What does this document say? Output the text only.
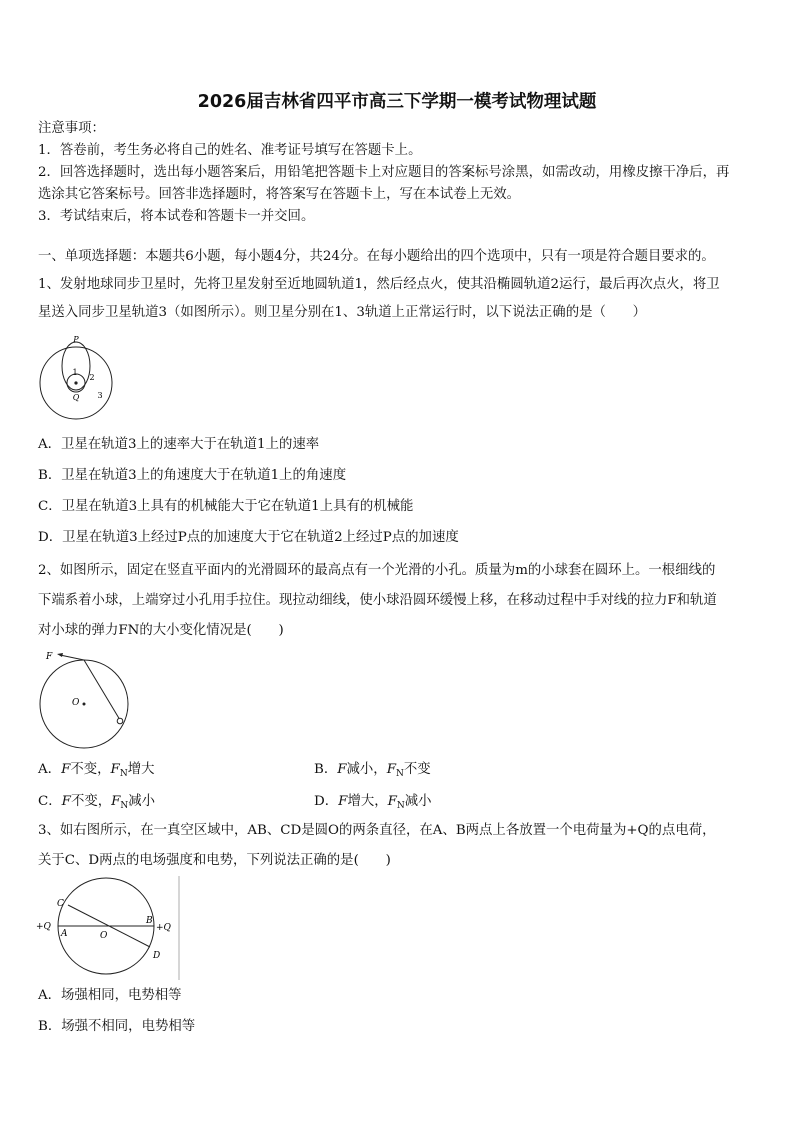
2026届吉林省四平市高三下学期一模考试物理试题
注意事项：
1．答卷前，考生务必将自己的姓名、准考证号填写在答题卡上。
2．回答选择题时，选出每小题答案后，用铅笔把答题卡上对应题目的答案标号涂黑，如需改动，用橡皮擦干净后，再
选涂其它答案标号。回答非选择题时，将答案写在答题卡上，写在本试卷上无效。
3．考试结束后，将本试卷和答题卡一并交回。
一、单项选择题：本题共6小题，每小题4分，共24分。在每小题给出的四个选项中，只有一项是符合题目要求的。
1、发射地球同步卫星时，先将卫星发射至近地圆轨道1，然后经点火，使其沿椭圆轨道2运行，最后再次点火，将卫
星送入同步卫星轨道3（如图所示）。则卫星分别在1、3轨道上正常运行时，以下说法正确的是（　　）
P
Q
1
2
3
A．卫星在轨道3上的速率大于在轨道1上的速率
B．卫星在轨道3上的角速度大于在轨道1上的角速度
C．卫星在轨道3上具有的机械能大于它在轨道1上具有的机械能
D．卫星在轨道3上经过P点的加速度大于它在轨道2上经过P点的加速度
2、如图所示，固定在竖直平面内的光滑圆环的最高点有一个光滑的小孔。质量为m的小球套在圆环上。一根细线的
下端系着小球，上端穿过小孔用手拉住。现拉动细线，使小球沿圆环缓慢上移，在移动过程中手对线的拉力F和轨道
对小球的弹力FN的大小变化情况是(　　)
F
O
A．F不变，$F_N$增大	B．F减小，$F_N$不变
C．F不变，$F_N$减小	D．F增大，$F_N$减小
3、如右图所示，在一真空区域中，AB、CD是圆O的两条直径，在A、B两点上各放置一个电荷量为+Q的点电荷，
关于C、D两点的电场强度和电势，下列说法正确的是(　　)
C
+Q
A	O
B
+Q
D
A．场强相同，电势相等
B．场强不相同，电势相等
